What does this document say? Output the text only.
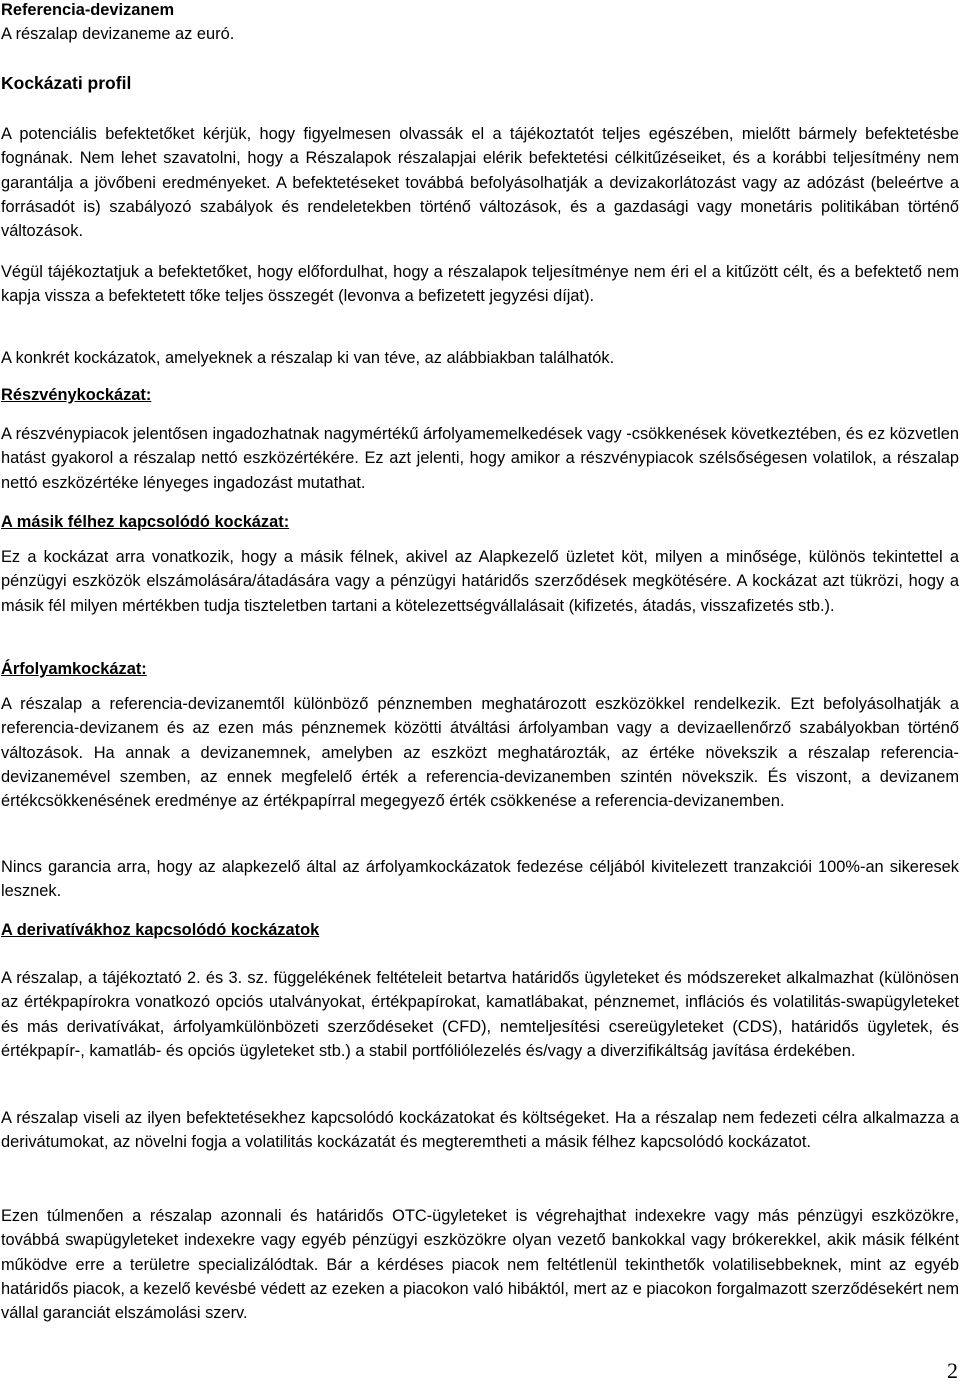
Referencia-devizanem
A részalap devizaneme az euró.
Kockázati profil

A potenciális befektetőket kérjük, hogy figyelmesen olvassák el a tájékoztatót teljes egészében, mielőtt bármely befektetésbe fognának. Nem lehet szavatolni, hogy a Részalapok részalapjai elérik befektetési célkitűzéseiket, és a korábbi teljesítmény nem garantálja a jövőbeni eredményeket. A befektetéseket továbbá befolyásolhatják a devizakorlátozást vagy az adózást (beleértve a forrásadót is) szabályozó szabályok és rendeletekben történő változások, és a gazdasági vagy monetáris politikában történő változások.

Végül tájékoztatjuk a befektetőket, hogy előfordulhat, hogy a részalapok teljesítménye nem éri el a kitűzött célt, és a befektető nem kapja vissza a befektetett tőke teljes összegét (levonva a befizetett jegyzési díjat).

A konkrét kockázatok, amelyeknek a részalap ki van téve, az alábbiakban találhatók.

Részvénykockázat:

A részvénypiacok jelentősen ingadozhatnak nagymértékű árfolyamemelkedések vagy -csökkenések következtében, és ez közvetlen hatást gyakorol a részalap nettó eszközértékére. Ez azt jelenti, hogy amikor a részvénypiacok szélsőségesen volatilok, a részalap nettó eszközértéke lényeges ingadozást mutathat.

A másik félhez kapcsolódó kockázat:

Ez a kockázat arra vonatkozik, hogy a másik félnek, akivel az Alapkezelő üzletet köt, milyen a minősége, különös tekintettel a pénzügyi eszközök elszámolására/átadására vagy a pénzügyi határidős szerződések megkötésére. A kockázat azt tükrözi, hogy a másik fél milyen mértékben tudja tiszteletben tartani a kötelezettségvállalásait (kifizetés, átadás, visszafizetés stb.).

Árfolyamkockázat:

A részalap a referencia-devizanemtől különböző pénznemben meghatározott eszközökkel rendelkezik. Ezt befolyásolhatják a referencia-devizanem és az ezen más pénznemek közötti átváltási árfolyamban vagy a devizaellenőrző szabályokban történő változások. Ha annak a devizanemnek, amelyben az eszközt meghatározták, az értéke növekszik a részalap referencia-devizanemével szemben, az ennek megfelelő érték a referencia-devizanemben szintén növekszik. És viszont, a devizanem értékcsökkenésének eredménye az értékpapírral megegyező érték csökkenése a referencia-devizanemben.

Nincs garancia arra, hogy az alapkezelő által az árfolyamkockázatok fedezése céljából kivitelezett tranzakciói 100%-an sikeresek lesznek.

A derivatívákhoz kapcsolódó kockázatok

A részalap, a tájékoztató 2. és 3. sz. függelékének feltételeit betartva határidős ügyleteket és módszereket alkalmazhat (különösen az értékpapírokra vonatkozó opciós utalványokat, értékpapírokat, kamatlábakat, pénznemet, inflációs és volatilitás-swapügyleteket és más derivatívákat, árfolyamkülönbözeti szerződéseket (CFD), nemteljesítési csereügyleteket (CDS), határidős ügyletek, és értékpapír-, kamatláb- és opciós ügyleteket stb.) a stabil portfóliólezelés és/vagy a diverzifikáltság javítása érdekében.

A részalap viseli az ilyen befektetésekhez kapcsolódó kockázatokat és költségeket. Ha a részalap nem fedezeti célra alkalmazza a derivátumokat, az növelni fogja a volatilitás kockázatát és megteremtheti a másik félhez kapcsolódó kockázatot.

Ezen túlmenően a részalap azonnali és határidős OTC-ügyleteket is végrehajthat indexekre vagy más pénzügyi eszközökre, továbbá swapügyleteket indexekre vagy egyéb pénzügyi eszközökre olyan vezető bankokkal vagy brókerekkel, akik másik félként működve erre a területre specializálódtak. Bár a kérdéses piacok nem feltétlenül tekinthetők volatilisebbeknek, mint az egyéb határidős piacok, a kezelő kevésbé védett az ezeken a piacokon való hibáktól, mert az e piacokon forgalmazott szerződésekért nem vállal garanciát elszámolási szerv.

2
